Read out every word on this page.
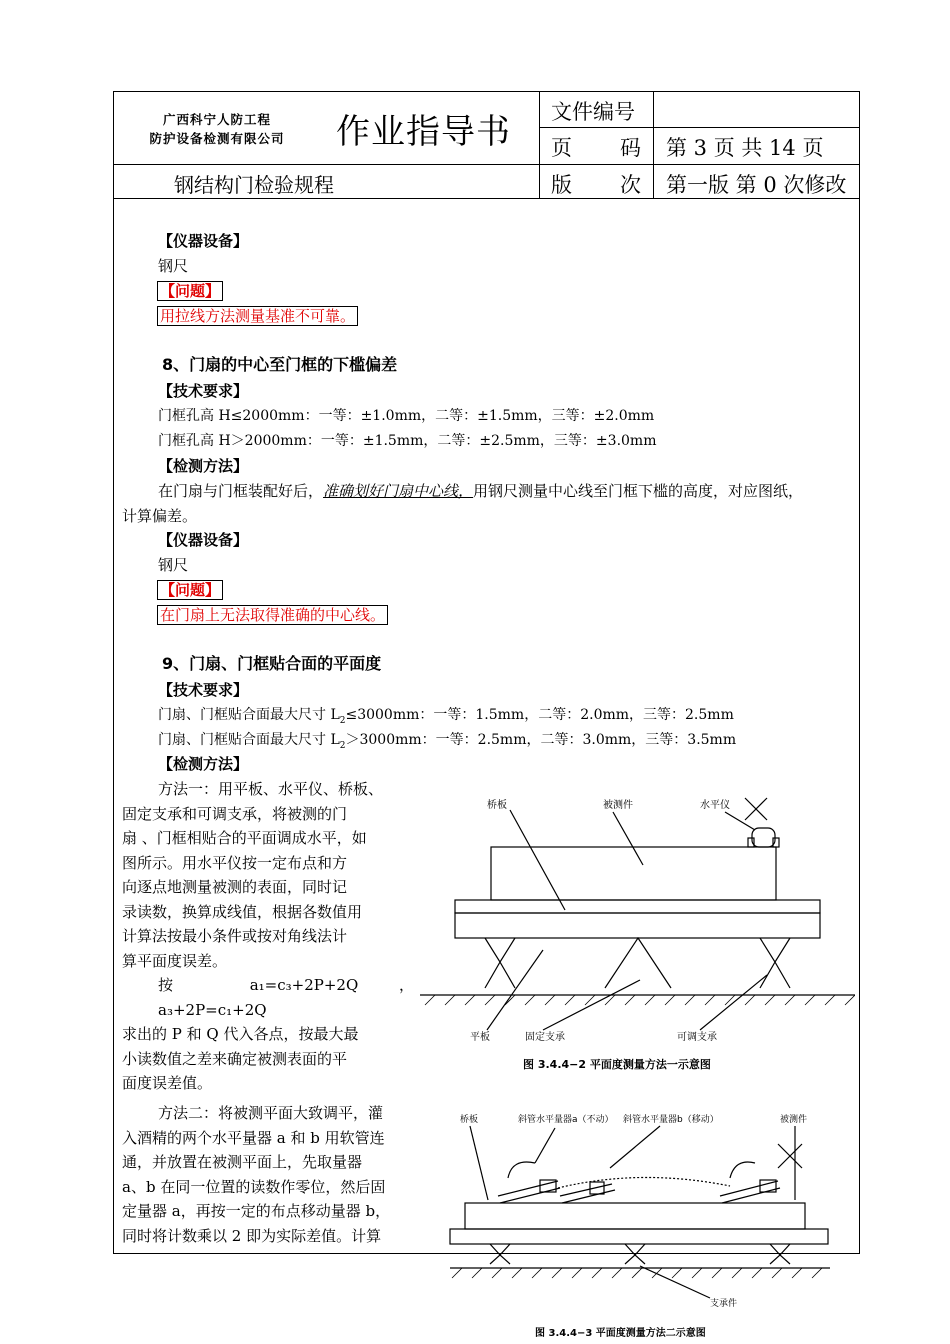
广西科宁人防工程
防护设备检测有限公司	作业指导书
钢结构门检验规程
文件编号
页 码 第 3 页 共 14 页
版 次 第一版 第 0 次修改
【仪器设备】
钢尺
【问题】
用拉线方法测量基准不可靠。
8、门扇的中心至门框的下槛偏差
【技术要求】
门框孔高 H≤2000mm：一等：±1.0mm，二等：±1.5mm，三等：±2.0mm
门框孔高 H＞2000mm：一等：±1.5mm，二等：±2.5mm，三等：±3.0mm
【检测方法】
在门扇与门框装配好后，准确划好门扇中心线，用钢尺测量中心线至门框下槛的高度，对应图纸，
计算偏差。
【仪器设备】
钢尺
【问题】
在门扇上无法取得准确的中心线。
9、门扇、门框贴合面的平面度
【技术要求】
门扇、门框贴合面最大尺寸 $L_2\le 3000mm$：一等：1.5mm，二等：2.0mm，三等：2.5mm
门扇、门框贴合面最大尺寸 $L_2>3000mm$：一等：2.5mm，二等：3.0mm，三等：3.5mm
【检测方法】

方法一：用平板、水平仪、桥板、

固定支承和可调支承，将被测的门

扇 、门框相贴合的平面调成水平，如

图所示。用水平仪按一定布点和方

向逐点地测量被测的表面，同时记

录读数，换算成线值，根据各数值用

计算法按最小条件或按对角线法计

算平面度误差。

按 a₁=c₃+2P+2Q ， a₃+2P=c₁+2Q

求出的 P 和 Q 代入各点，按最大最

小读数值之差来确定被测表面的平

面度误差值。

方法二：将被测平面大致调平，灌

入酒精的两个水平量器 a 和 b 用软管连

通，并放置在被测平面上，先取量器

a、b 在同一位置的读数作零位，然后固

定量器 a，再按一定的布点移动量器 b，

同时将计数乘以 2 即为实际差值。计算

桥板	被测件	水平仪
平板	固定支承	可调支承
图 3.4.4−2 平面度测量方法一示意图
桥板	斜管水平量器a（不动） 斜管水平量器b（移动）	被测件
支承件
图 3.4.4−3 平面度测量方法二示意图
